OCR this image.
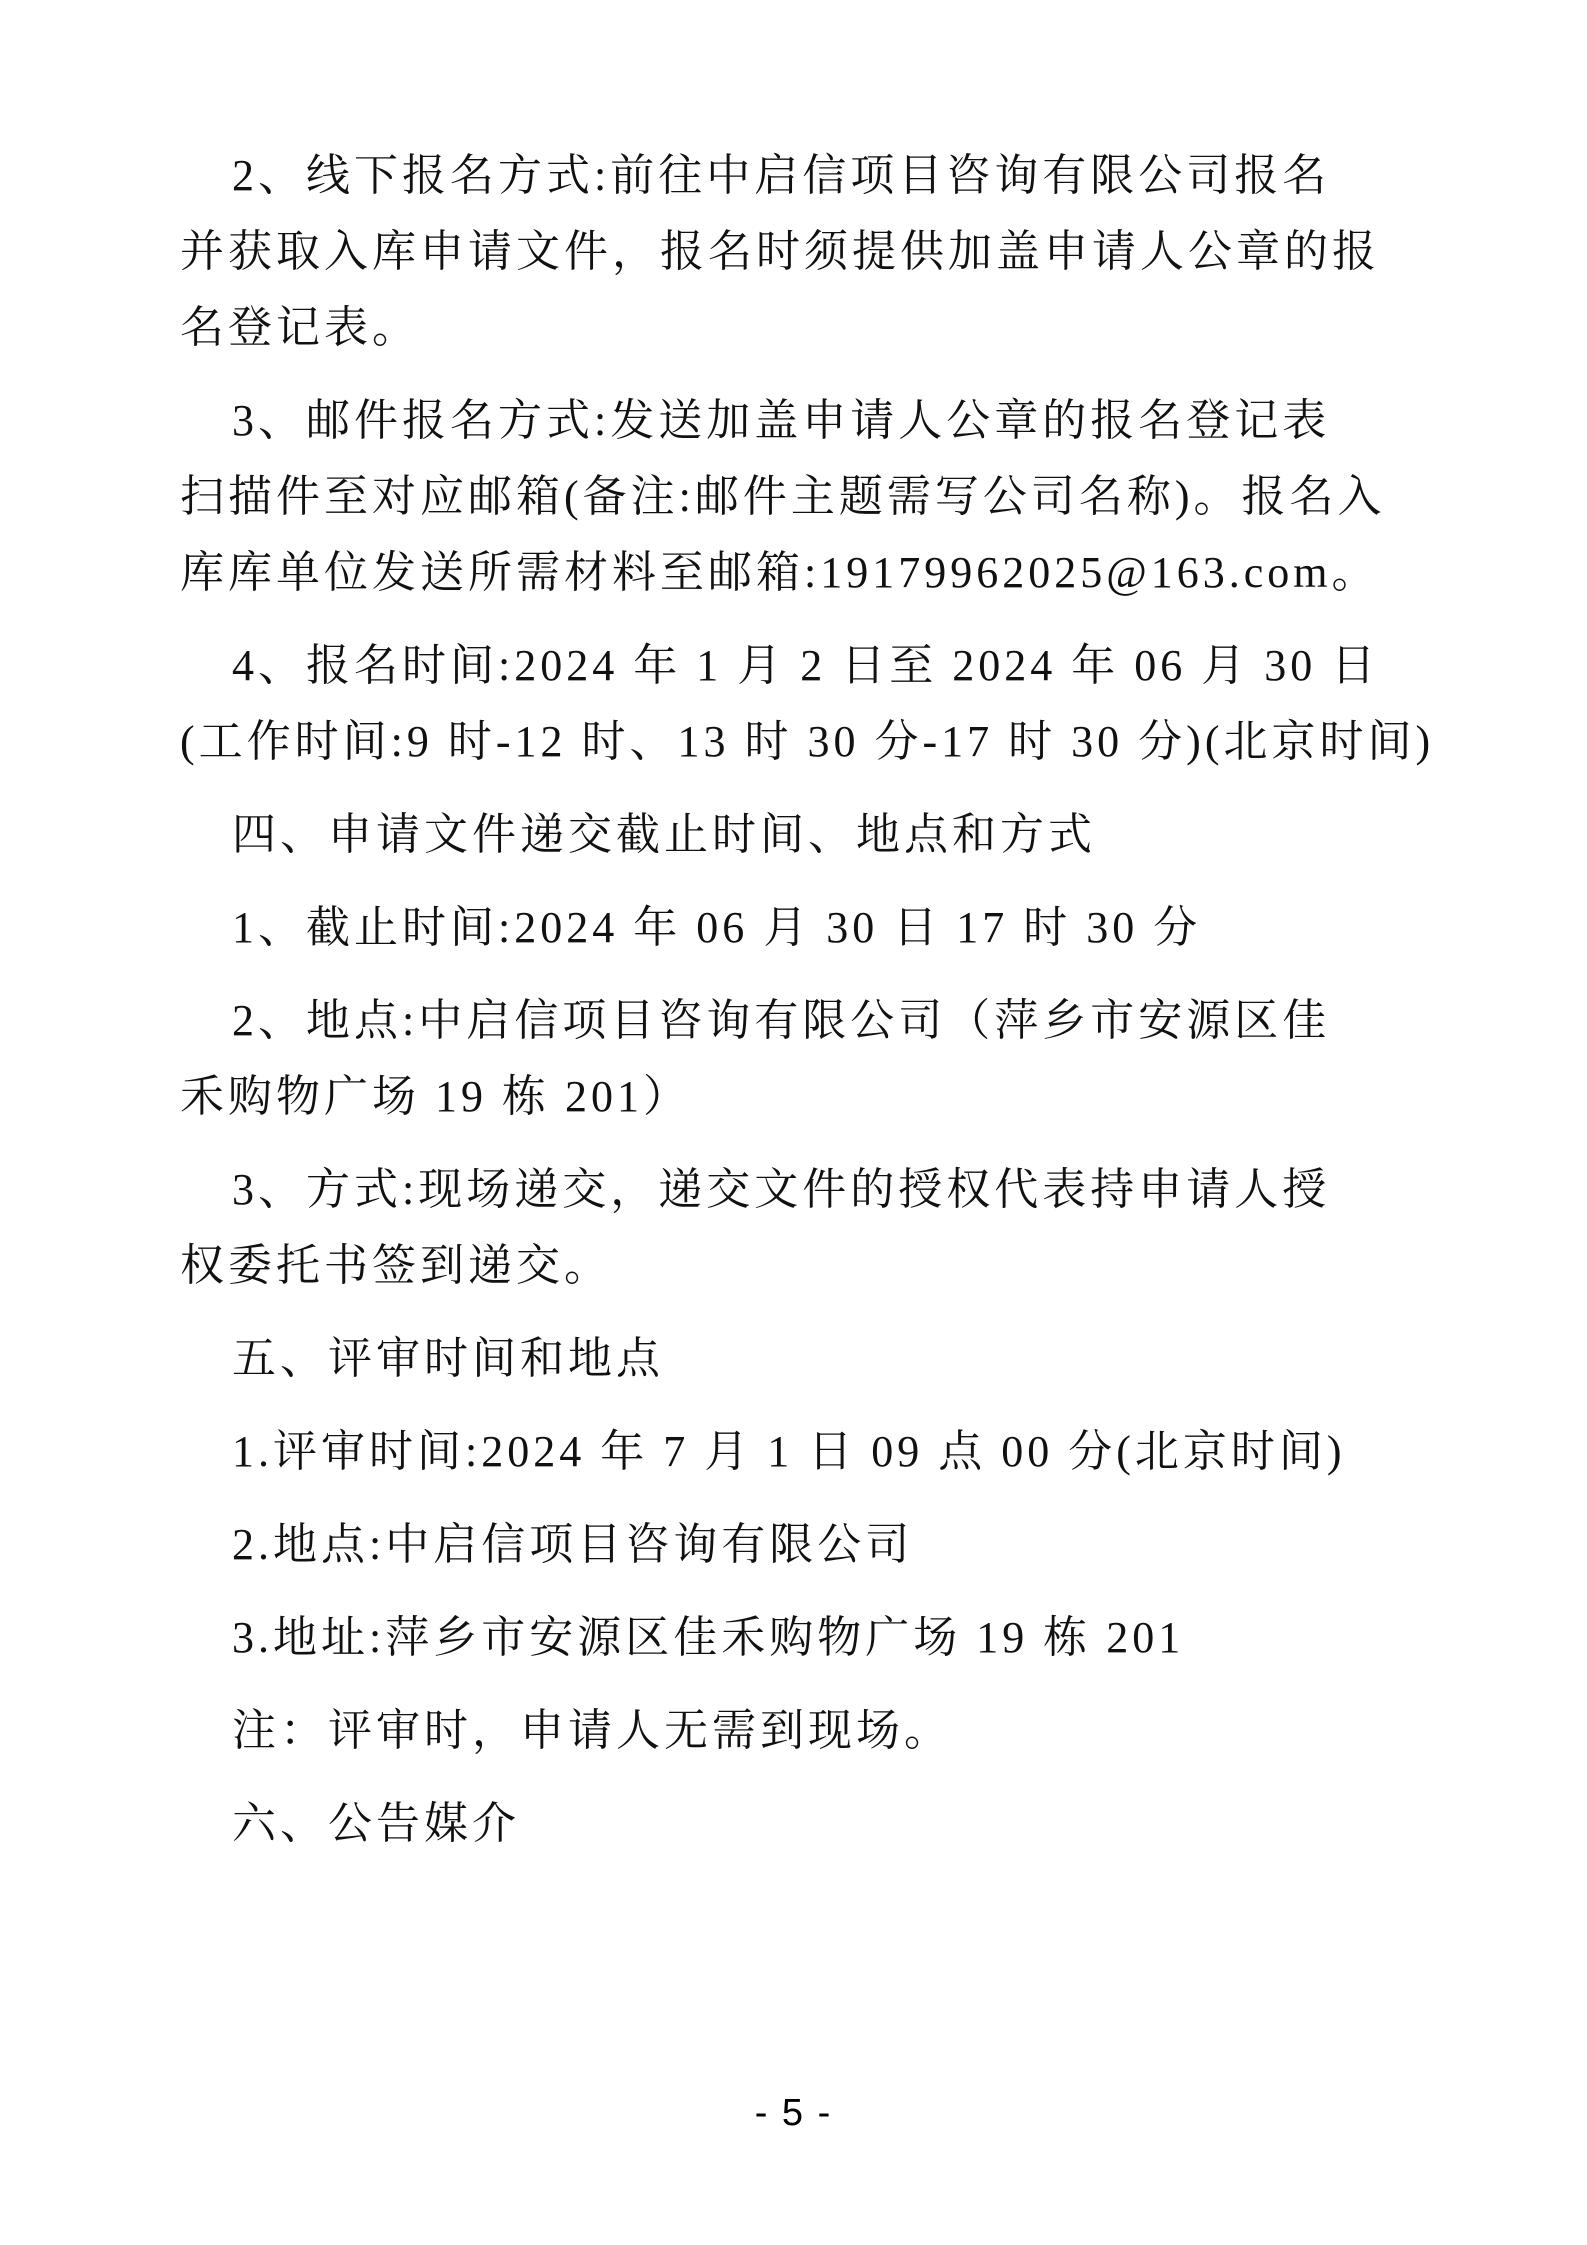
2、线下报名方式:前往中启信项目咨询有限公司报名
并获取入库申请文件，报名时须提供加盖申请人公章的报
名登记表。

3、邮件报名方式:发送加盖申请人公章的报名登记表
扫描件至对应邮箱(备注:邮件主题需写公司名称)。报名入
库库单位发送所需材料至邮箱:19179962025@163.com。

4、报名时间:2024 年 1 月 2 日至 2024 年 06 月 30 日
(工作时间:9 时-12 时、13 时 30 分-17 时 30 分)(北京时间)

四、申请文件递交截止时间、地点和方式

1、截止时间:2024 年 06 月 30 日 17 时 30 分

2、地点:中启信项目咨询有限公司（萍乡市安源区佳
禾购物广场 19 栋 201）

3、方式:现场递交，递交文件的授权代表持申请人授
权委托书签到递交。

五、评审时间和地点

1.评审时间:2024 年 7 月 1 日 09 点 00 分(北京时间)

2.地点:中启信项目咨询有限公司

3.地址:萍乡市安源区佳禾购物广场 19 栋 201

注：评审时，申请人无需到现场。

六、公告媒介

- 5 -
